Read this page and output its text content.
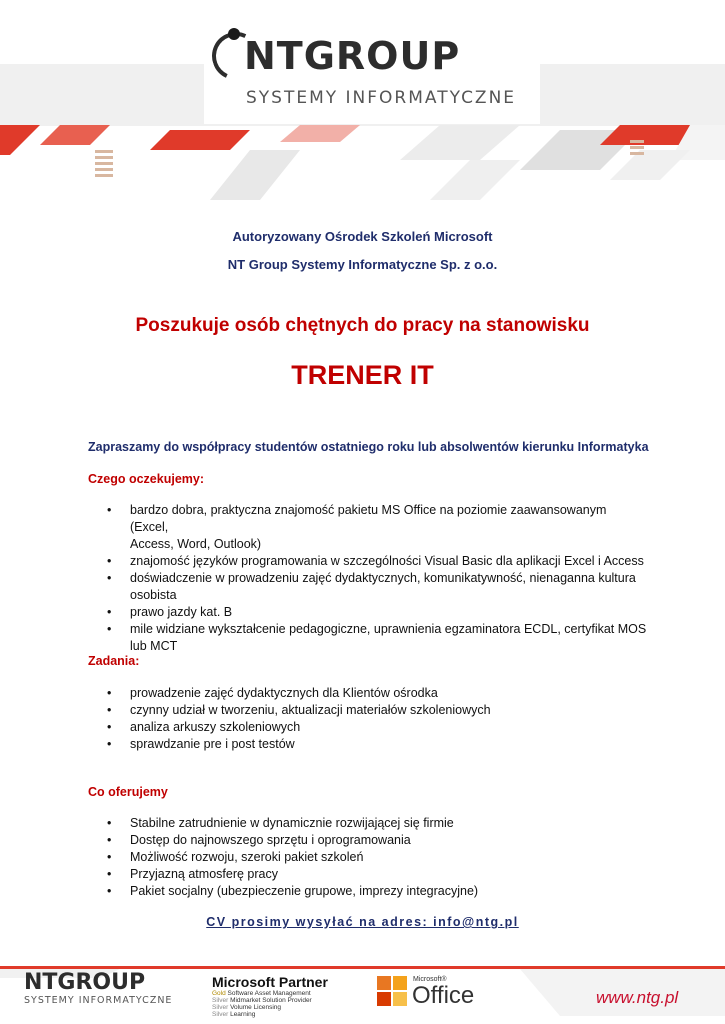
NTGROUP
SYSTEMY INFORMATYCZNE
Autoryzowany Ośrodek Szkoleń Microsoft
NT Group Systemy Informatyczne Sp. z o.o.
Poszukuje osób chętnych do pracy na stanowisku
TRENER IT
Zapraszamy do współpracy studentów ostatniego roku lub absolwentów kierunku Informatyka
Czego oczekujemy:
• bardzo dobra, praktyczna znajomość pakietu MS Office na poziomie zaawansowanym (Excel,
Access, Word, Outlook)
• znajomość języków programowania w szczególności Visual Basic dla aplikacji Excel i Access
• doświadczenie w prowadzeniu zajęć dydaktycznych, komunikatywność, nienaganna kultura
osobista
• prawo jazdy kat. B
• mile widziane wykształcenie pedagogiczne, uprawnienia egzaminatora ECDL, certyfikat MOS
lub MCT
Zadania:
• prowadzenie zajęć dydaktycznych dla Klientów ośrodka
• czynny udział w tworzeniu, aktualizacji materiałów szkoleniowych
• analiza arkuszy szkoleniowych
• sprawdzanie pre i post testów
Co oferujemy
• Stabilne zatrudnienie w dynamicznie rozwijającej się firmie
• Dostęp do najnowszego sprzętu i oprogramowania
• Możliwość rozwoju, szeroki pakiet szkoleń
• Przyjazną atmosferę pracy
• Pakiet socjalny (ubezpieczenie grupowe, imprezy integracyjne)
CV prosimy wysyłać na adres: info@ntg.pl
NTGROUP
SYSTEMY INFORMATYCZNE
Microsoft Partner
Gold Software Asset Management
Silver Midmarket Solution Provider
Silver Volume Licensing
Silver Learning
Microsoft®
Office	www.ntg.pl
